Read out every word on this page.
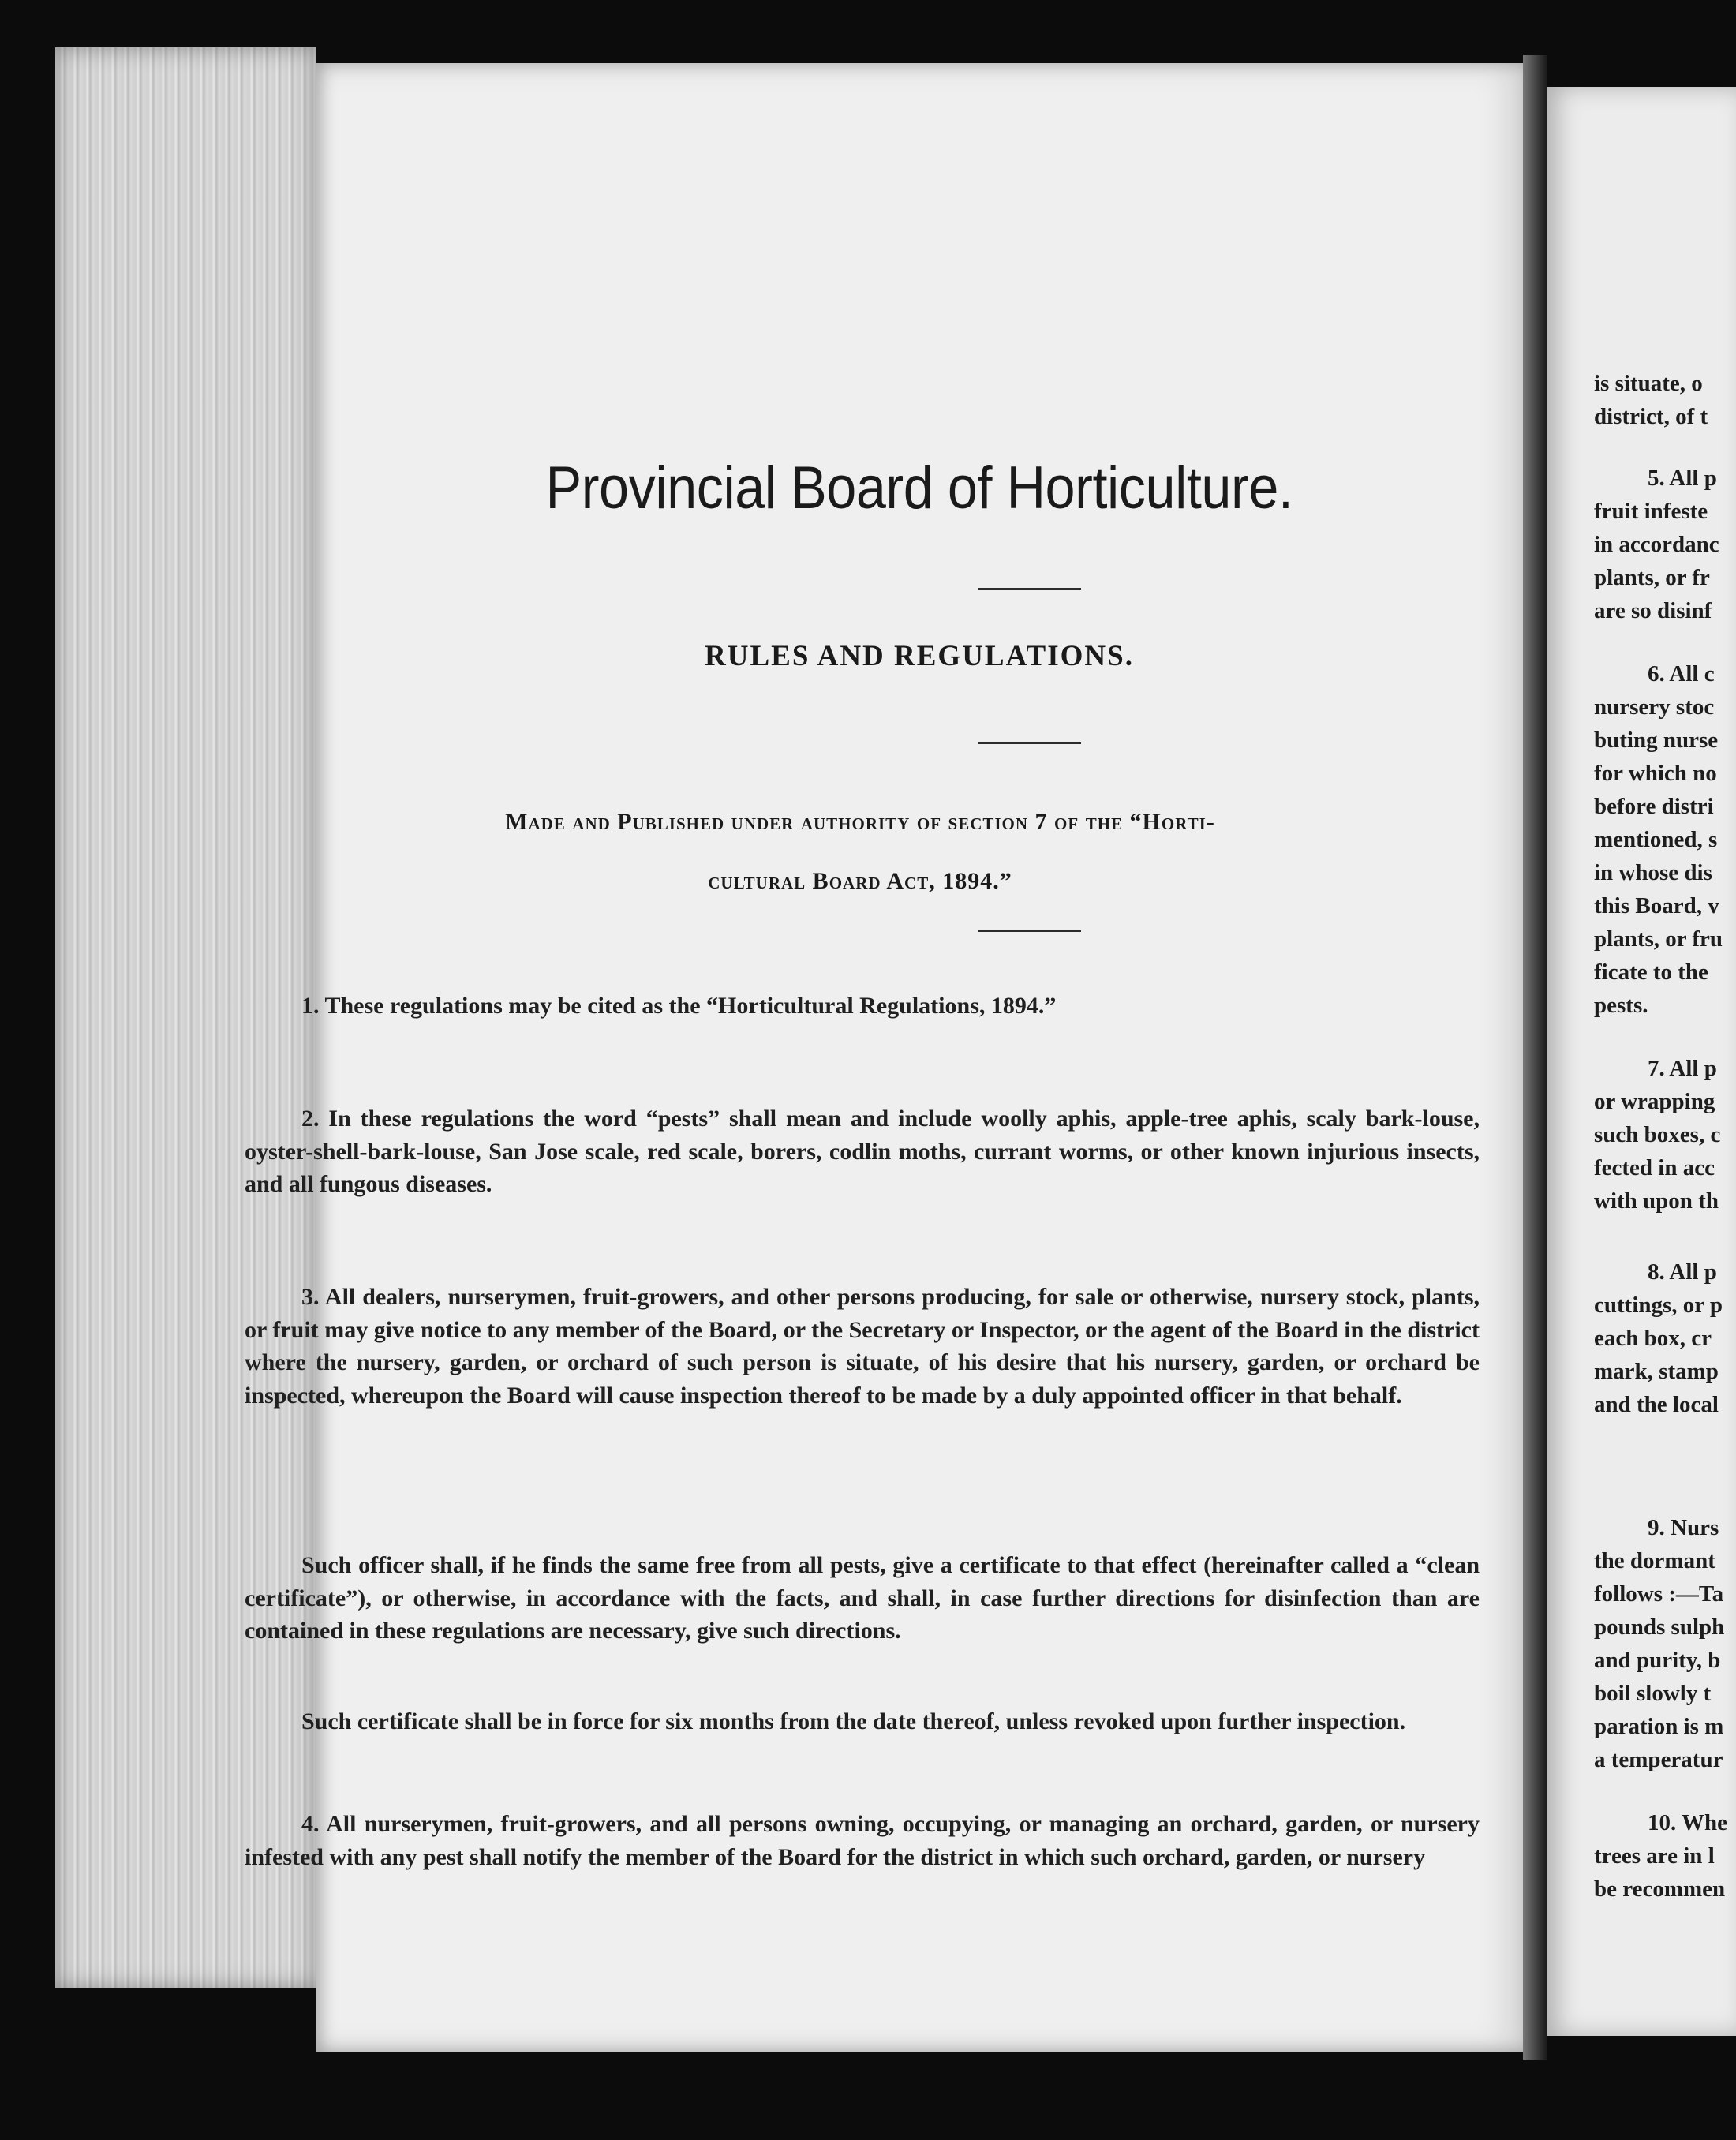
Provincial Board of Horticulture.
RULES AND REGULATIONS.
Made and Published under authority of section 7 of the “Horti-
cultural Board Act, 1894.”
1. These regulations may be cited as the “Horticultural Regulations, 1894.”
2. In these regulations the word “pests” shall mean and include woolly aphis, apple-tree aphis, scaly bark-louse, oyster-shell-bark-louse, San Jose scale, red scale, borers, codlin moths, currant worms, or other known injurious insects, and all fungous diseases.
3. All dealers, nurserymen, fruit-growers, and other persons producing, for sale or otherwise, nursery stock, plants, or fruit may give notice to any member of the Board, or the Secretary or Inspector, or the agent of the Board in the district where the nursery, garden, or orchard of such person is situate, of his desire that his nursery, garden, or orchard be inspected, whereupon the Board will cause inspection thereof to be made by a duly appointed officer in that behalf.
Such officer shall, if he finds the same free from all pests, give a certificate to that effect (hereinafter called a “clean certificate”), or otherwise, in accordance with the facts, and shall, in case further directions for disinfection than are contained in these regulations are necessary, give such directions.
Such certificate shall be in force for six months from the date thereof, unless revoked upon further inspection.
4. All nurserymen, fruit-growers, and all persons owning, occupying, or managing an orchard, garden, or nursery infested with any pest shall notify the member of the Board for the district in which such orchard, garden, or nursery
is situate, o
district, of t
5. All p
fruit infeste
in accordanc
plants, or fr
are so disinf
6. All c
nursery stoc
buting nurse
for which no
before distri
mentioned, s
in whose dis
this Board, v
plants, or fru
ficate to the
pests.
7. All p
or wrapping
such boxes, c
fected in acc
with upon th
8. All p
cuttings, or p
each box, cr
mark, stamp
and the local
9. Nurs
the dormant
follows :—Ta
pounds sulph
and purity, b
boil slowly t
paration is m
a temperatur
10. Whe
trees are in l
be recommen
